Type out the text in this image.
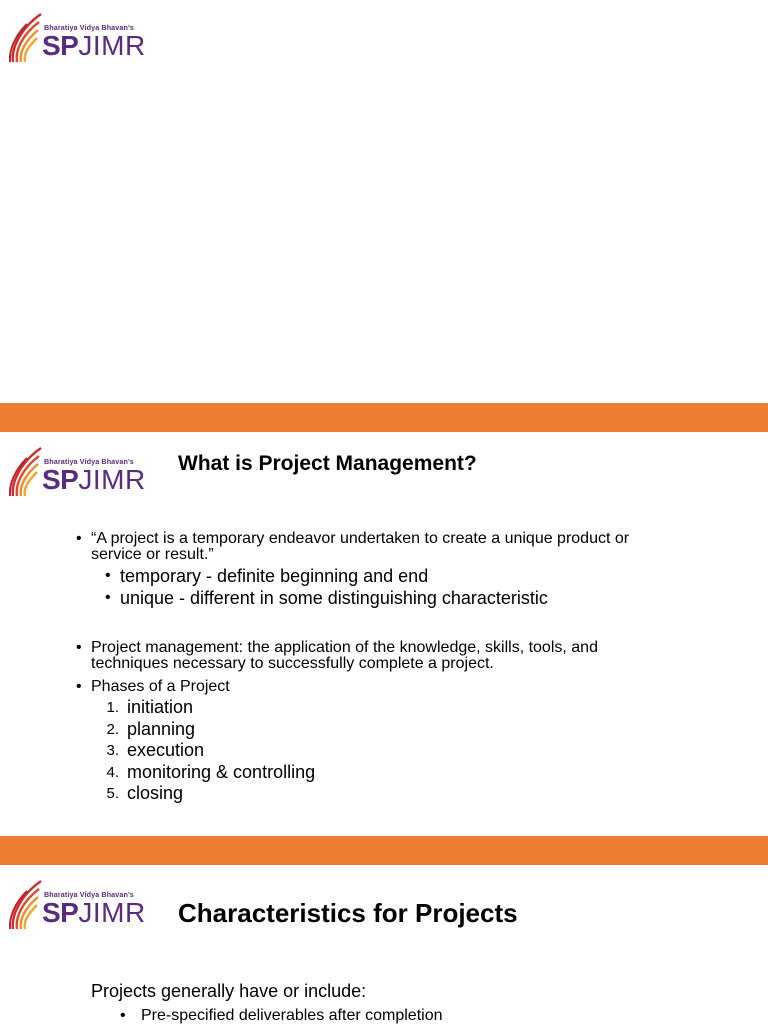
Bharatiya Vidya Bhavan's
SPJIMR
Bharatiya Vidya Bhavan's
SPJIMR
What is Project Management?
• “A project is a temporary endeavor undertaken to create a unique product or
service or result.”
• temporary - definite beginning and end
• unique - different in some distinguishing characteristic
• Project management: the application of the knowledge, skills, tools, and
techniques necessary to successfully complete a project.
• Phases of a Project
1. initiation
2. planning
3. execution
4. monitoring & controlling
5. closing
Bharatiya Vidya Bhavan's
SPJIMR Characteristics for Projects
Projects generally have or include:
• Pre-specified deliverables after completion
